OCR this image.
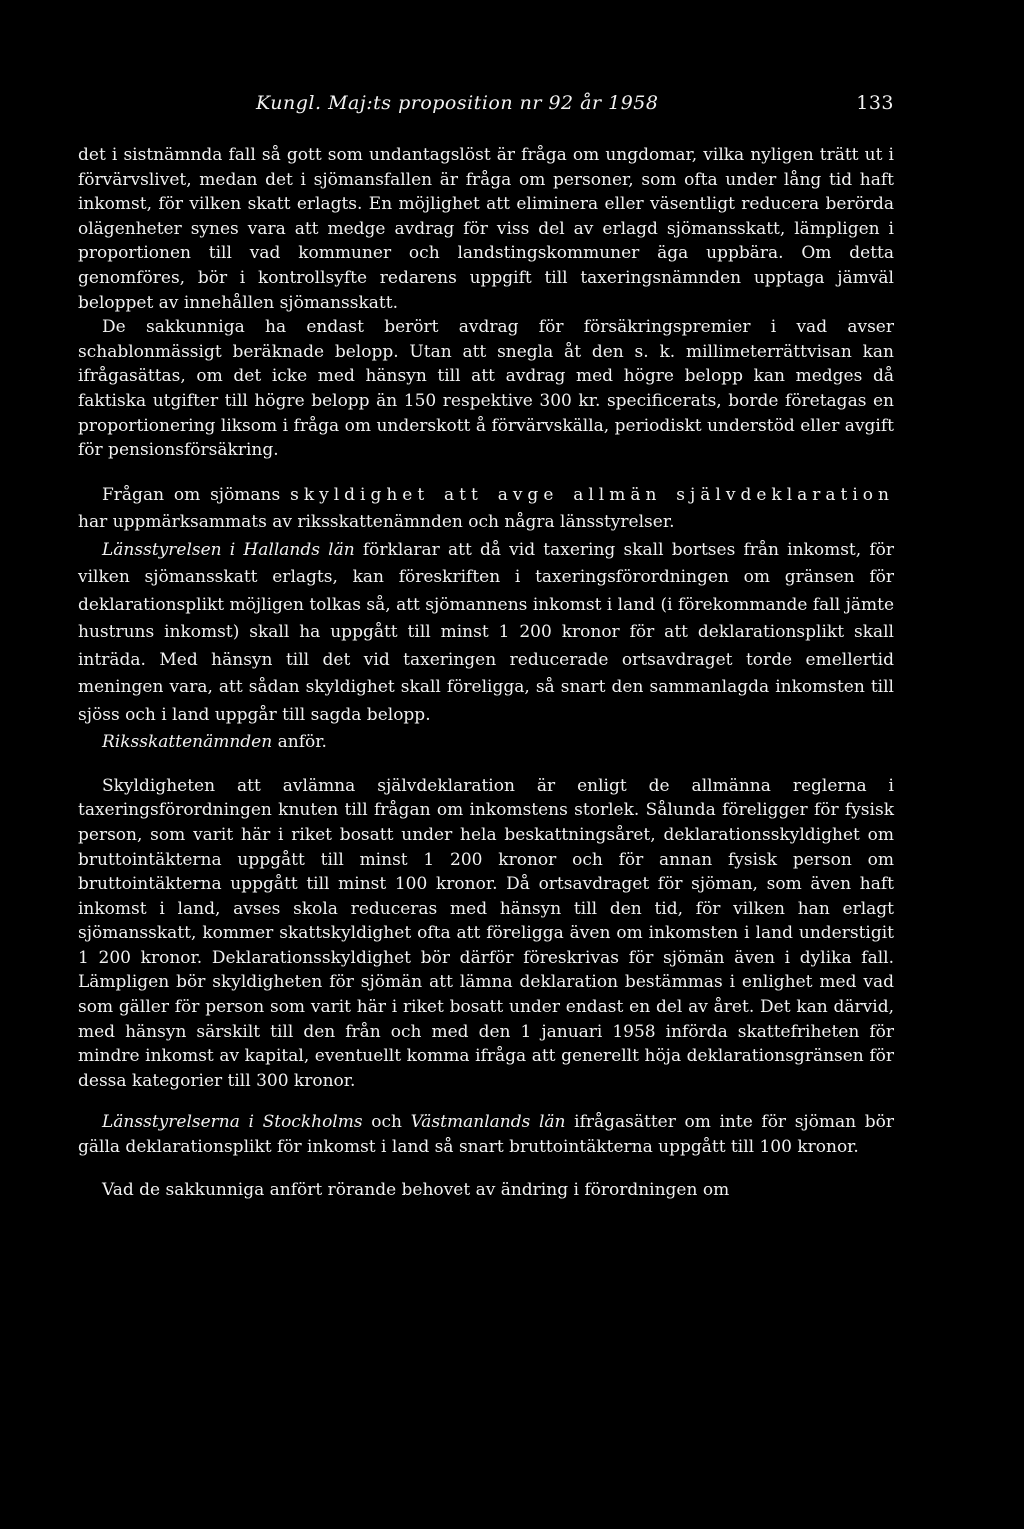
Kungl. Maj:ts proposition nr 92 år 1958	133

det i sistnämnda fall så gott som undantagslöst är fråga om ungdomar, vilka nyligen trätt ut i förvärvslivet, medan det i sjömansfallen är fråga om personer, som ofta under lång tid haft inkomst, för vilken skatt erlagts. En möjlighet att eliminera eller väsentligt reducera berörda olägenheter synes vara att medge avdrag för viss del av erlagd sjömansskatt, lämpligen i proportionen till vad kommuner och landstingskommuner äga uppbära. Om detta genomföres, bör i kontrollsyfte redarens uppgift till taxeringsnämnden upptaga jämväl beloppet av innehållen sjömansskatt.

De sakkunniga ha endast berört avdrag för försäkringspremier i vad avser schablonmässigt beräknade belopp. Utan att snegla åt den s. k. millimeterrättvisan kan ifrågasättas, om det icke med hänsyn till att avdrag med högre belopp kan medges då faktiska utgifter till högre belopp än 150 respektive 300 kr. specificerats, borde företagas en proportionering liksom i fråga om underskott å förvärvskälla, periodiskt understöd eller avgift för pensionsförsäkring.

Frågan om sjömans skyldighet att avge allmän självdeklaration har uppmärksammats av riksskattenämnden och några länsstyrelser.

Länsstyrelsen i Hallands län förklarar att då vid taxering skall bortses från inkomst, för vilken sjömansskatt erlagts, kan föreskriften i taxeringsförordningen om gränsen för deklarationsplikt möjligen tolkas så, att sjömannens inkomst i land (i förekommande fall jämte hustruns inkomst) skall ha uppgått till minst 1 200 kronor för att deklarationsplikt skall inträda. Med hänsyn till det vid taxeringen reducerade ortsavdraget torde emellertid meningen vara, att sådan skyldighet skall föreligga, så snart den sammanlagda inkomsten till sjöss och i land uppgår till sagda belopp.

Riksskattenämnden anför.

Skyldigheten att avlämna självdeklaration är enligt de allmänna reglerna i taxeringsförordningen knuten till frågan om inkomstens storlek. Sålunda föreligger för fysisk person, som varit här i riket bosatt under hela beskattningsåret, deklarationsskyldighet om bruttointäkterna uppgått till minst 1 200 kronor och för annan fysisk person om bruttointäkterna uppgått till minst 100 kronor. Då ortsavdraget för sjöman, som även haft inkomst i land, avses skola reduceras med hänsyn till den tid, för vilken han erlagt sjömansskatt, kommer skattskyldighet ofta att föreligga även om inkomsten i land understigit 1 200 kronor. Deklarationsskyldighet bör därför föreskrivas för sjömän även i dylika fall. Lämpligen bör skyldigheten för sjömän att lämna deklaration bestämmas i enlighet med vad som gäller för person som varit här i riket bosatt under endast en del av året. Det kan därvid, med hänsyn särskilt till den från och med den 1 januari 1958 införda skattefriheten för mindre inkomst av kapital, eventuellt komma ifråga att generellt höja deklarationsgränsen för dessa kategorier till 300 kronor.

Länsstyrelserna i Stockholms och Västmanlands län ifrågasätter om inte för sjöman bör gälla deklarationsplikt för inkomst i land så snart bruttointäkterna uppgått till 100 kronor.

Vad de sakkunniga anfört rörande behovet av ändring i förordningen om
